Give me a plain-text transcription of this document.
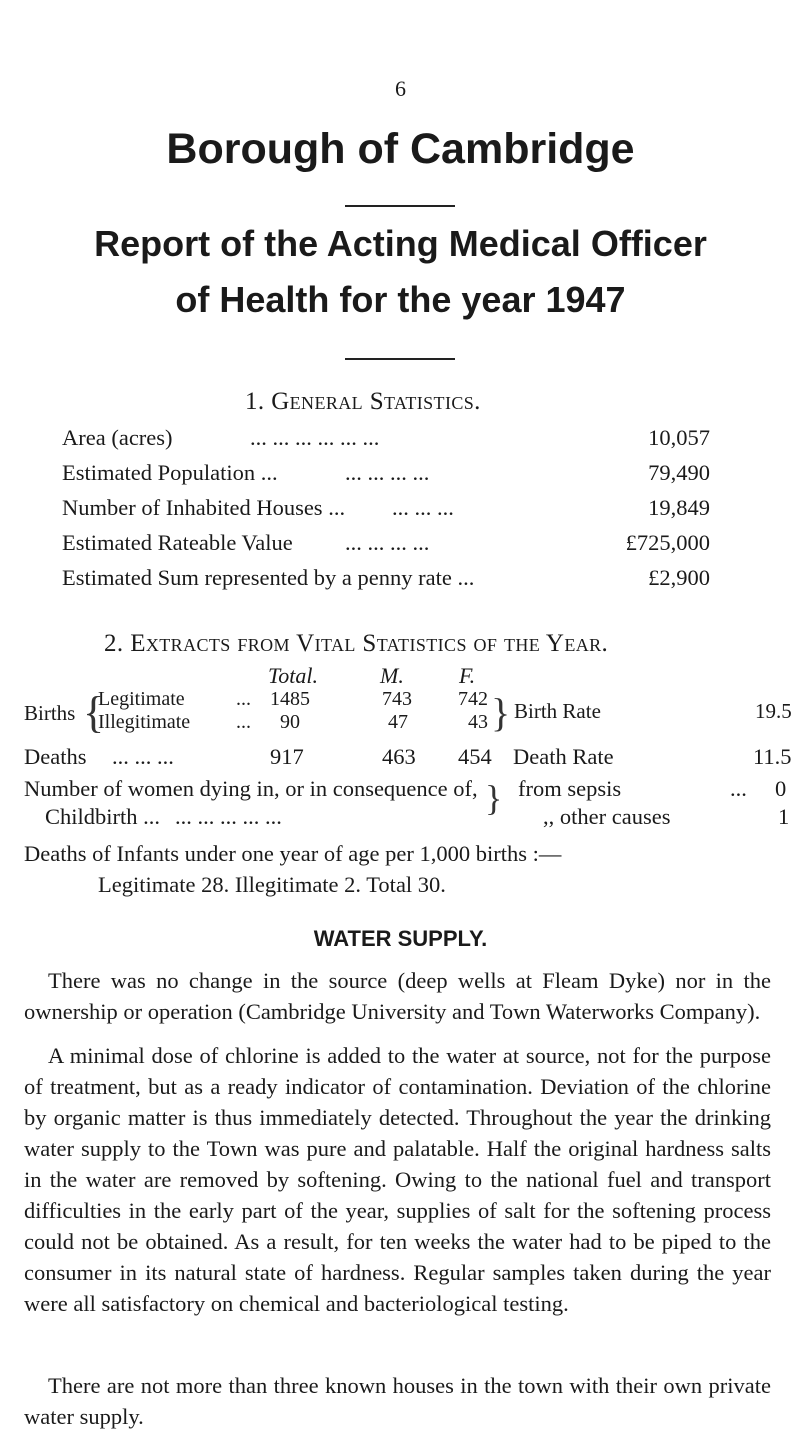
6
Borough of Cambridge
Report of the Acting Medical Officer
of Health for the year 1947
1. General Statistics.
Area (acres)	... ... ... ... ... ...	10,057
Estimated Population ...	... ... ... ...	79,490
Number of Inhabited Houses ... ... ... ...	19,849
Estimated Rateable Value ... ... ... ...	£725,000
Estimated Sum represented by a penny rate ...	£2,900
2. Extracts from Vital Statistics of the Year.
Total.	M.	F.
Births {
Legitimate	... 1485	743 742
Illegitimate ... 90	47	43 } Birth Rate	19.5
Deaths ... ... ...	917	463 454 Death Rate	11.5
Number of women dying in, or in consequence of,
Childbirth ... ... ... ... ... ...	} from sepsis	... 0
,, other causes	1
Deaths of Infants under one year of age per 1,000 births :—
Legitimate 28. Illegitimate 2. Total 30.
WATER SUPPLY.
There was no change in the source (deep wells at Fleam Dyke) nor in the ownership or operation (Cambridge University and Town Waterworks Company).
A minimal dose of chlorine is added to the water at source, not for the purpose of treatment, but as a ready indicator of contamination. Deviation of the chlorine by organic matter is thus immediately detected. Throughout the year the drinking water supply to the Town was pure and palatable. Half the original hardness salts in the water are removed by softening. Owing to the national fuel and transport difficulties in the early part of the year, supplies of salt for the softening process could not be obtained. As a result, for ten weeks the water had to be piped to the consumer in its natural state of hardness. Regular samples taken during the year were all satisfactory on chemical and bacteriological testing.
There are not more than three known houses in the town with their own private water supply.
